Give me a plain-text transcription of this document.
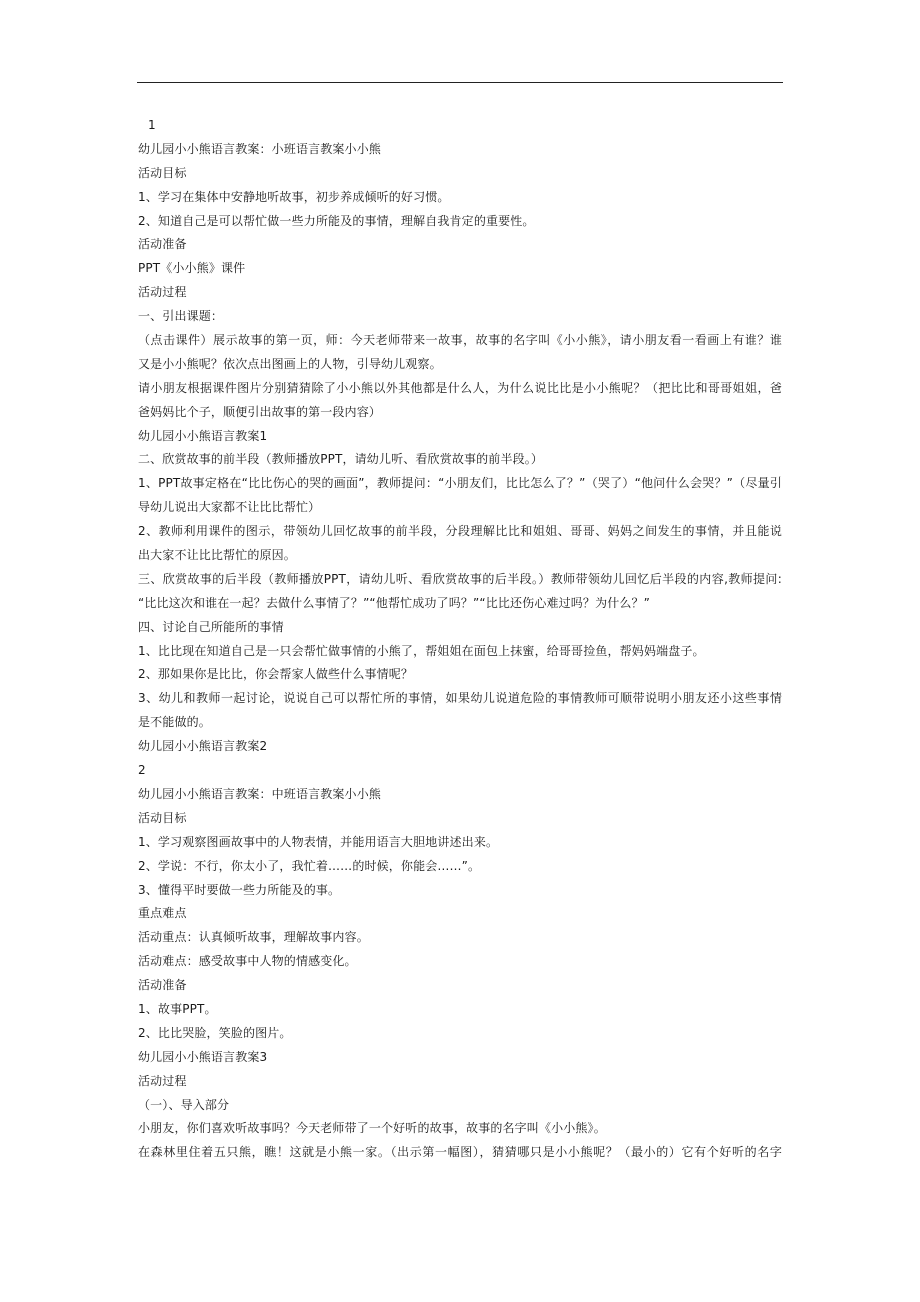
1
幼儿园小小熊语言教案：小班语言教案小小熊
活动目标
1、学习在集体中安静地听故事，初步养成倾听的好习惯。
2、知道自己是可以帮忙做一些力所能及的事情，理解自我肯定的重要性。
活动准备
PPT《小小熊》课件
活动过程
一、引出课题：
（点击课件）展示故事的第一页，师：今天老师带来一故事，故事的名字叫《小小熊》，请小朋友看一看画上有谁？谁
又是小小熊呢？依次点出图画上的人物，引导幼儿观察。
请小朋友根据课件图片分别猜猜除了小小熊以外其他都是什么人，为什么说比比是小小熊呢？（把比比和哥哥姐姐，爸
爸妈妈比个子，顺便引出故事的第一段内容）
幼儿园小小熊语言教案1
二、欣赏故事的前半段（教师播放PPT，请幼儿听、看欣赏故事的前半段。）
1、PPT故事定格在“比比伤心的哭的画面”，教师提问：“小朋友们，比比怎么了？”（哭了）“他问什么会哭？”（尽量引
导幼儿说出大家都不让比比帮忙）
2、教师利用课件的图示，带领幼儿回忆故事的前半段，分段理解比比和姐姐、哥哥、妈妈之间发生的事情，并且能说
出大家不让比比帮忙的原因。
三、欣赏故事的后半段（教师播放PPT，请幼儿听、看欣赏故事的后半段。）教师带领幼儿回忆后半段的内容,教师提问:
“比比这次和谁在一起？去做什么事情了？”“他帮忙成功了吗？”“比比还伤心难过吗？为什么？”
四、讨论自己所能所的事情
1、比比现在知道自己是一只会帮忙做事情的小熊了，帮姐姐在面包上抹蜜，给哥哥捡鱼，帮妈妈端盘子。
2、那如果你是比比，你会帮家人做些什么事情呢？
3、幼儿和教师一起讨论，说说自己可以帮忙所的事情，如果幼儿说道危险的事情教师可顺带说明小朋友还小这些事情
是不能做的。
幼儿园小小熊语言教案2
2
幼儿园小小熊语言教案：中班语言教案小小熊
活动目标
1、学习观察图画故事中的人物表情，并能用语言大胆地讲述出来。
2、学说：不行，你太小了，我忙着……的时候，你能会……”。
3、懂得平时要做一些力所能及的事。
重点难点
活动重点：认真倾听故事，理解故事内容。
活动难点：感受故事中人物的情感变化。
活动准备
1、故事PPT。
2、比比哭脸，笑脸的图片。
幼儿园小小熊语言教案3
活动过程
（一）、导入部分
小朋友，你们喜欢听故事吗？今天老师带了一个好听的故事，故事的名字叫《小小熊》。
在森林里住着五只熊，瞧！这就是小熊一家。（出示第一幅图），猜猜哪只是小小熊呢？（最小的）它有个好听的名字
